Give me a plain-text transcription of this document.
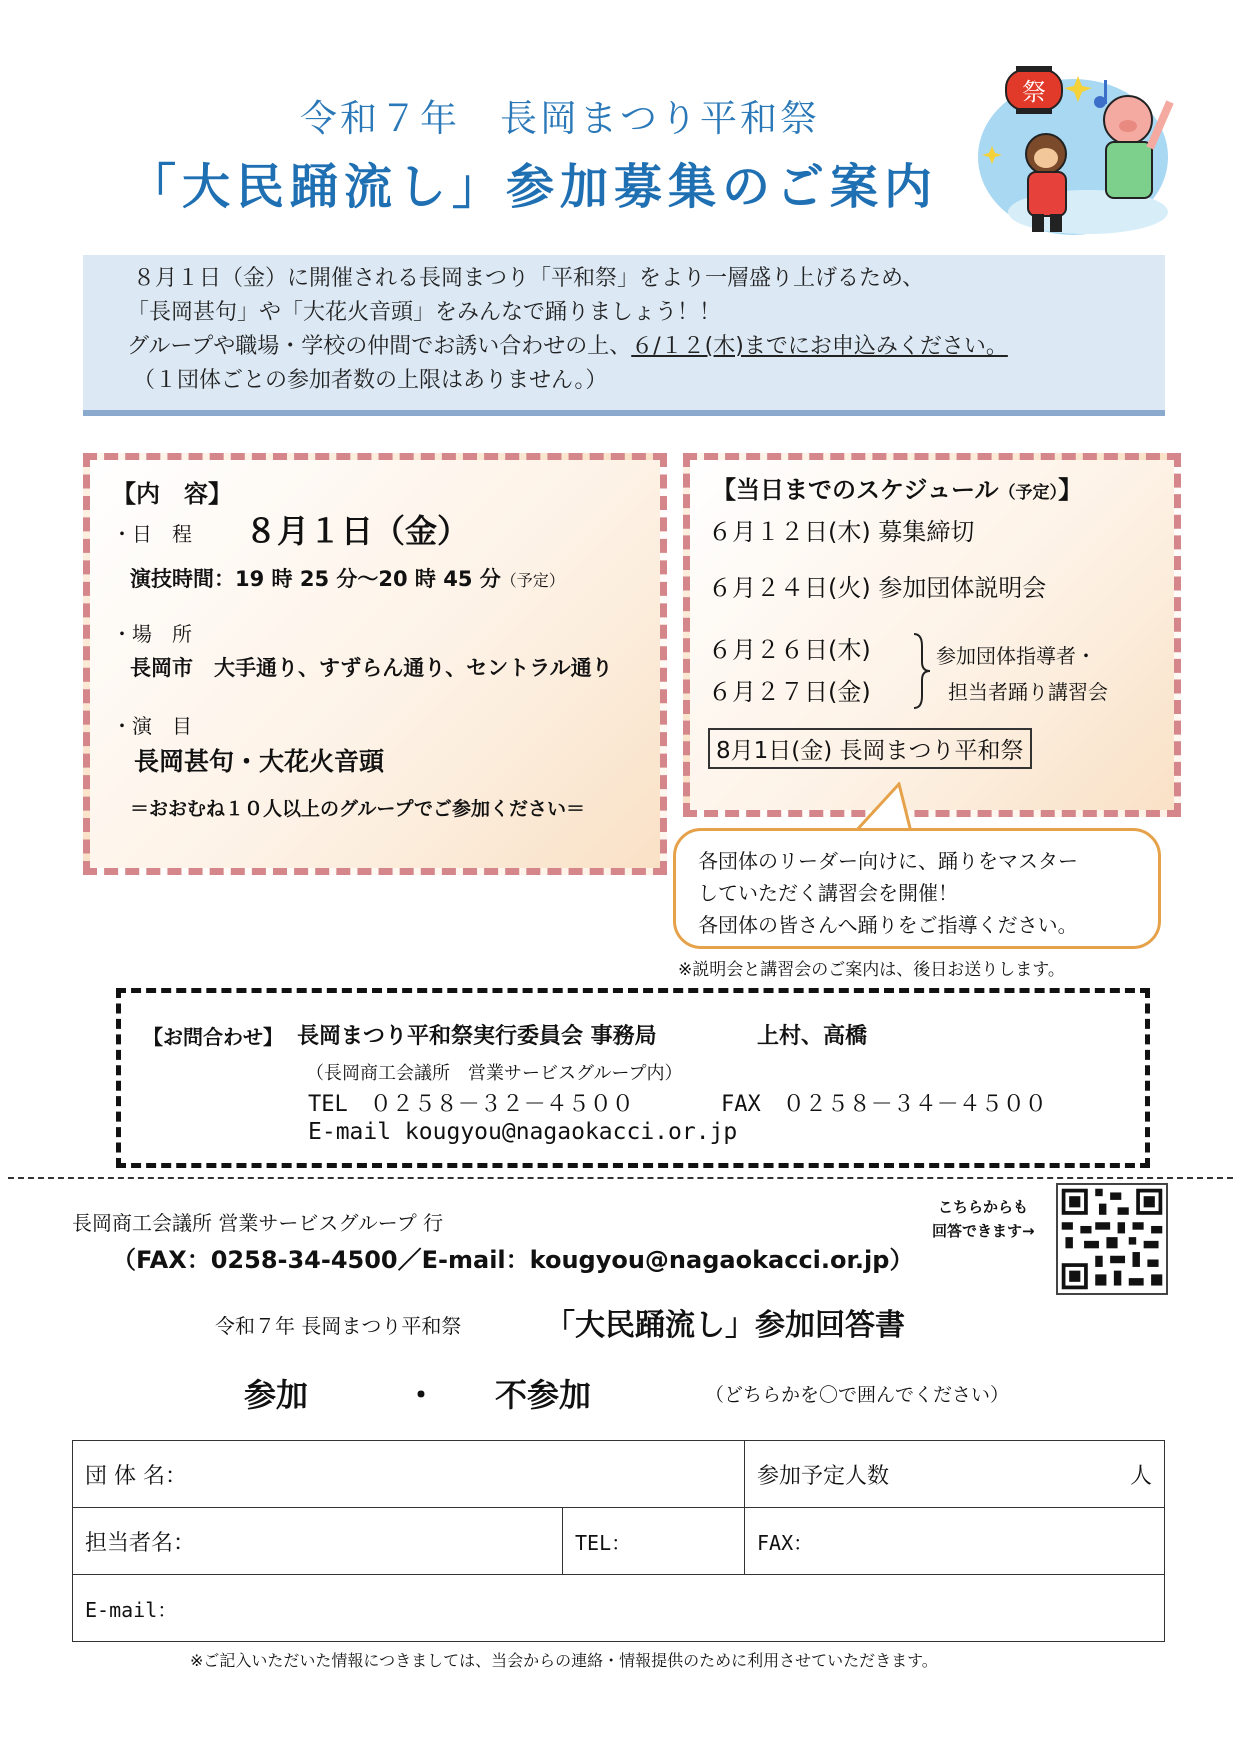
令和７年　長岡まつり平和祭
「大民踊流し」参加募集のご案内
祭
８月１日（金）に開催される長岡まつり「平和祭」をより一層盛り上げるため、
「長岡甚句」や「大花火音頭」をみんなで踊りましょう！！
グループや職場・学校の仲間でお誘い合わせの上、６/１２(木)までにお申込みください。
（１団体ごとの参加者数の上限はありません。）
【内　容】
・日　程 ８月１日（金）
演技時間：19 時 25 分～20 時 45 分（予定）
・場　所
長岡市　大手通り、すずらん通り、セントラル通り
・演　目
長岡甚句・大花火音頭
＝おおむね１０人以上のグループでご参加ください＝
【当日までのスケジュール（予定）】
６月１２日(木) 募集締切
６月２４日(火) 参加団体説明会
６月２６日(木)
６月２７日(金)
参加団体指導者・
担当者踊り講習会
8月1日(金) 長岡まつり平和祭
各団体のリーダー向けに、踊りをマスター
していただく講習会を開催！
各団体の皆さんへ踊りをご指導ください。
※説明会と講習会のご案内は、後日お送りします。
【お問合わせ】 長岡まつり平和祭実行委員会 事務局	上村、高橋
（長岡商工会議所　営業サービスグループ内）
TEL　０２５８－３２－４５００	FAX　０２５８－３４－４５００
E-mail kougyou@nagaokacci.or.jp
長岡商工会議所 営業サービスグループ 行
（FAX：0258-34-4500／E-mail：kougyou@nagaokacci.or.jp）
こちらからも
回答できます→
令和７年 長岡まつり平和祭	「大民踊流し」参加回答書
参加	・ 不参加	（どちらかを〇で囲んでください）
団 体 名：		参加予定人数 人

担当者名：	TEL：	FAX：
E-mail：		
※ご記入いただいた情報につきましては、当会からの連絡・情報提供のために利用させていただきます。
